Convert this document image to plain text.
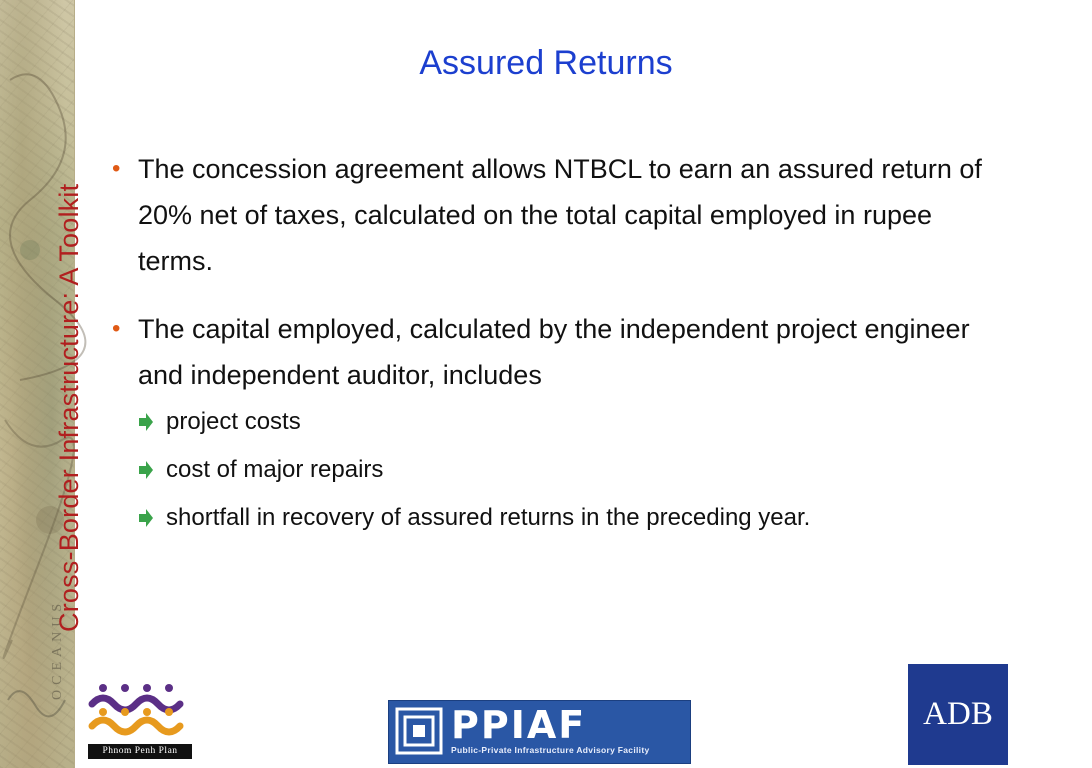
OCEANUS
Cross-Border Infrastructure: A Toolkit
Assured Returns
• The concession agreement allows NTBCL to earn an assured return of 20% net of taxes, calculated on the total capital employed in rupee terms.
• The capital employed, calculated by the independent project engineer and independent auditor, includes
project costs
cost of major repairs
shortfall in recovery of assured returns in the preceding year.
Phnom Penh Plan
PPIAF
Public-Private Infrastructure Advisory Facility
ADB
